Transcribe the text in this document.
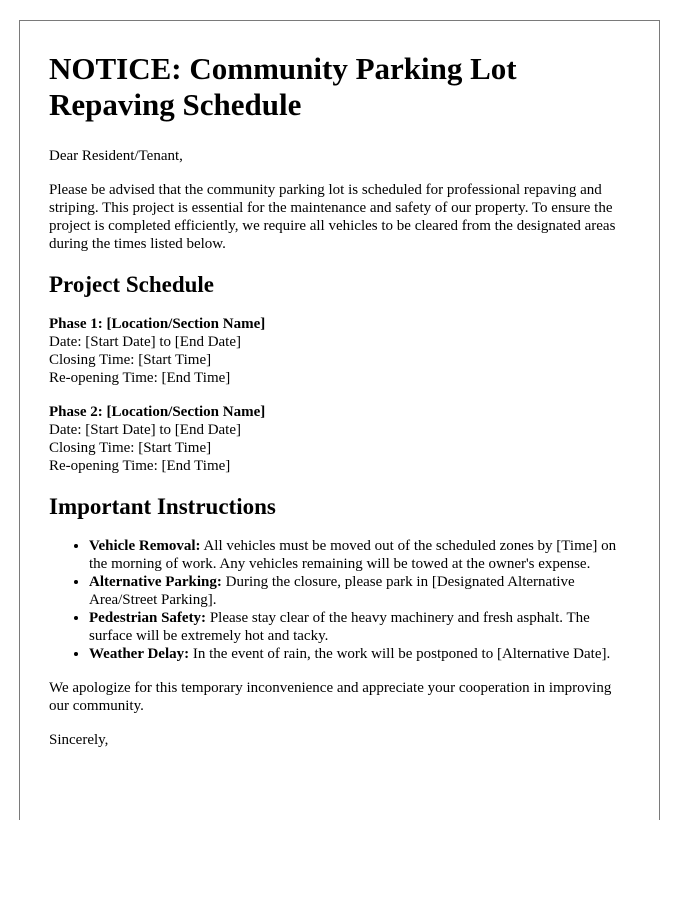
NOTICE: Community Parking Lot Repaving Schedule

Dear Resident/Tenant,

Please be advised that the community parking lot is scheduled for professional repaving and striping. This project is essential for the maintenance and safety of our property. To ensure the project is completed efficiently, we require all vehicles to be cleared from the designated areas during the times listed below.

Project Schedule
Phase 1: [Location/Section Name]
Date: [Start Date] to [End Date]
Closing Time: [Start Time]
Re-opening Time: [End Time]
Phase 2: [Location/Section Name]
Date: [Start Date] to [End Date]
Closing Time: [Start Time]
Re-opening Time: [End Time]
Important Instructions
• Vehicle Removal: All vehicles must be moved out of the scheduled zones by [Time] on the morning of work. Any vehicles remaining will be towed at the owner's expense.
• Alternative Parking: During the closure, please park in [Designated Alternative Area/Street Parking].
• Pedestrian Safety: Please stay clear of the heavy machinery and fresh asphalt. The surface will be extremely hot and tacky.
• Weather Delay: In the event of rain, the work will be postponed to [Alternative Date].

We apologize for this temporary inconvenience and appreciate your cooperation in improving our community.

Sincerely,
